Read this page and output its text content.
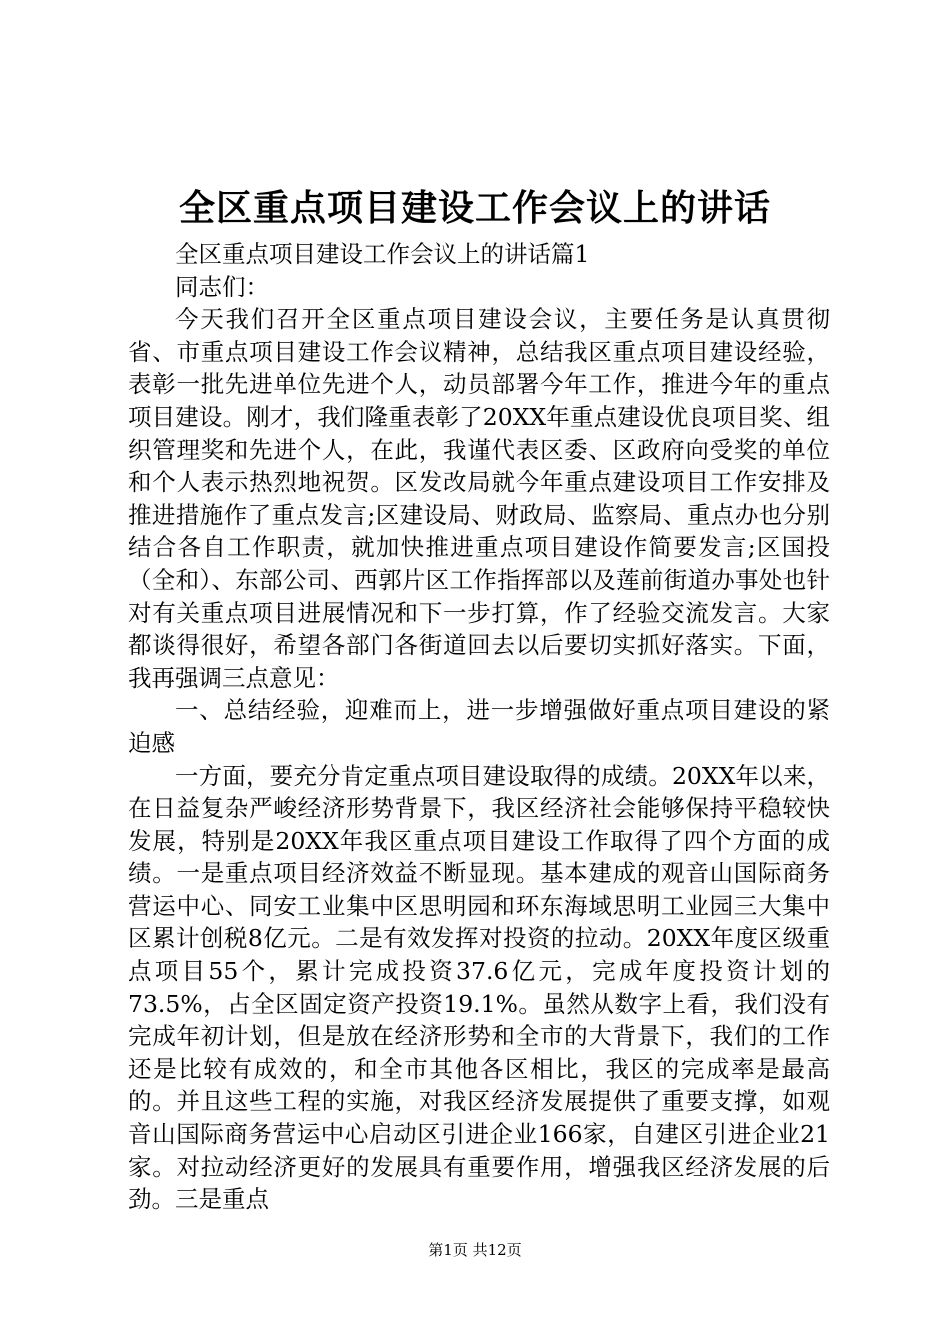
全区重点项目建设工作会议上的讲话

全区重点项目建设工作会议上的讲话篇1

同志们：

今天我们召开全区重点项目建设会议，主要任务是认真贯彻省、市重点项目建设工作会议精神，总结我区重点项目建设经验，表彰一批先进单位先进个人，动员部署今年工作，推进今年的重点项目建设。刚才，我们隆重表彰了20XX年重点建设优良项目奖、组织管理奖和先进个人，在此，我谨代表区委、区政府向受奖的单位和个人表示热烈地祝贺。区发改局就今年重点建设项目工作安排及推进措施作了重点发言;区建设局、财政局、监察局、重点办也分别结合各自工作职责，就加快推进重点项目建设作简要发言;区国投（全和）、东部公司、西郭片区工作指挥部以及莲前街道办事处也针对有关重点项目进展情况和下一步打算，作了经验交流发言。大家都谈得很好，希望各部门各街道回去以后要切实抓好落实。下面，我再强调三点意见：

一、总结经验，迎难而上，进一步增强做好重点项目建设的紧迫感

一方面，要充分肯定重点项目建设取得的成绩。20XX年以来，在日益复杂严峻经济形势背景下，我区经济社会能够保持平稳较快发展，特别是20XX年我区重点项目建设工作取得了四个方面的成绩。一是重点项目经济效益不断显现。基本建成的观音山国际商务营运中心、同安工业集中区思明园和环东海域思明工业园三大集中区累计创税8亿元。二是有效发挥对投资的拉动。20XX年度区级重点项目55个，累计完成投资37.6亿元，完成年度投资计划的73.5%，占全区固定资产投资19.1%。虽然从数字上看，我们没有完成年初计划，但是放在经济形势和全市的大背景下，我们的工作还是比较有成效的，和全市其他各区相比，我区的完成率是最高的。并且这些工程的实施，对我区经济发展提供了重要支撑，如观音山国际商务营运中心启动区引进企业166家，自建区引进企业21家。对拉动经济更好的发展具有重要作用，增强我区经济发展的后劲。三是重点

第1页 共12页
